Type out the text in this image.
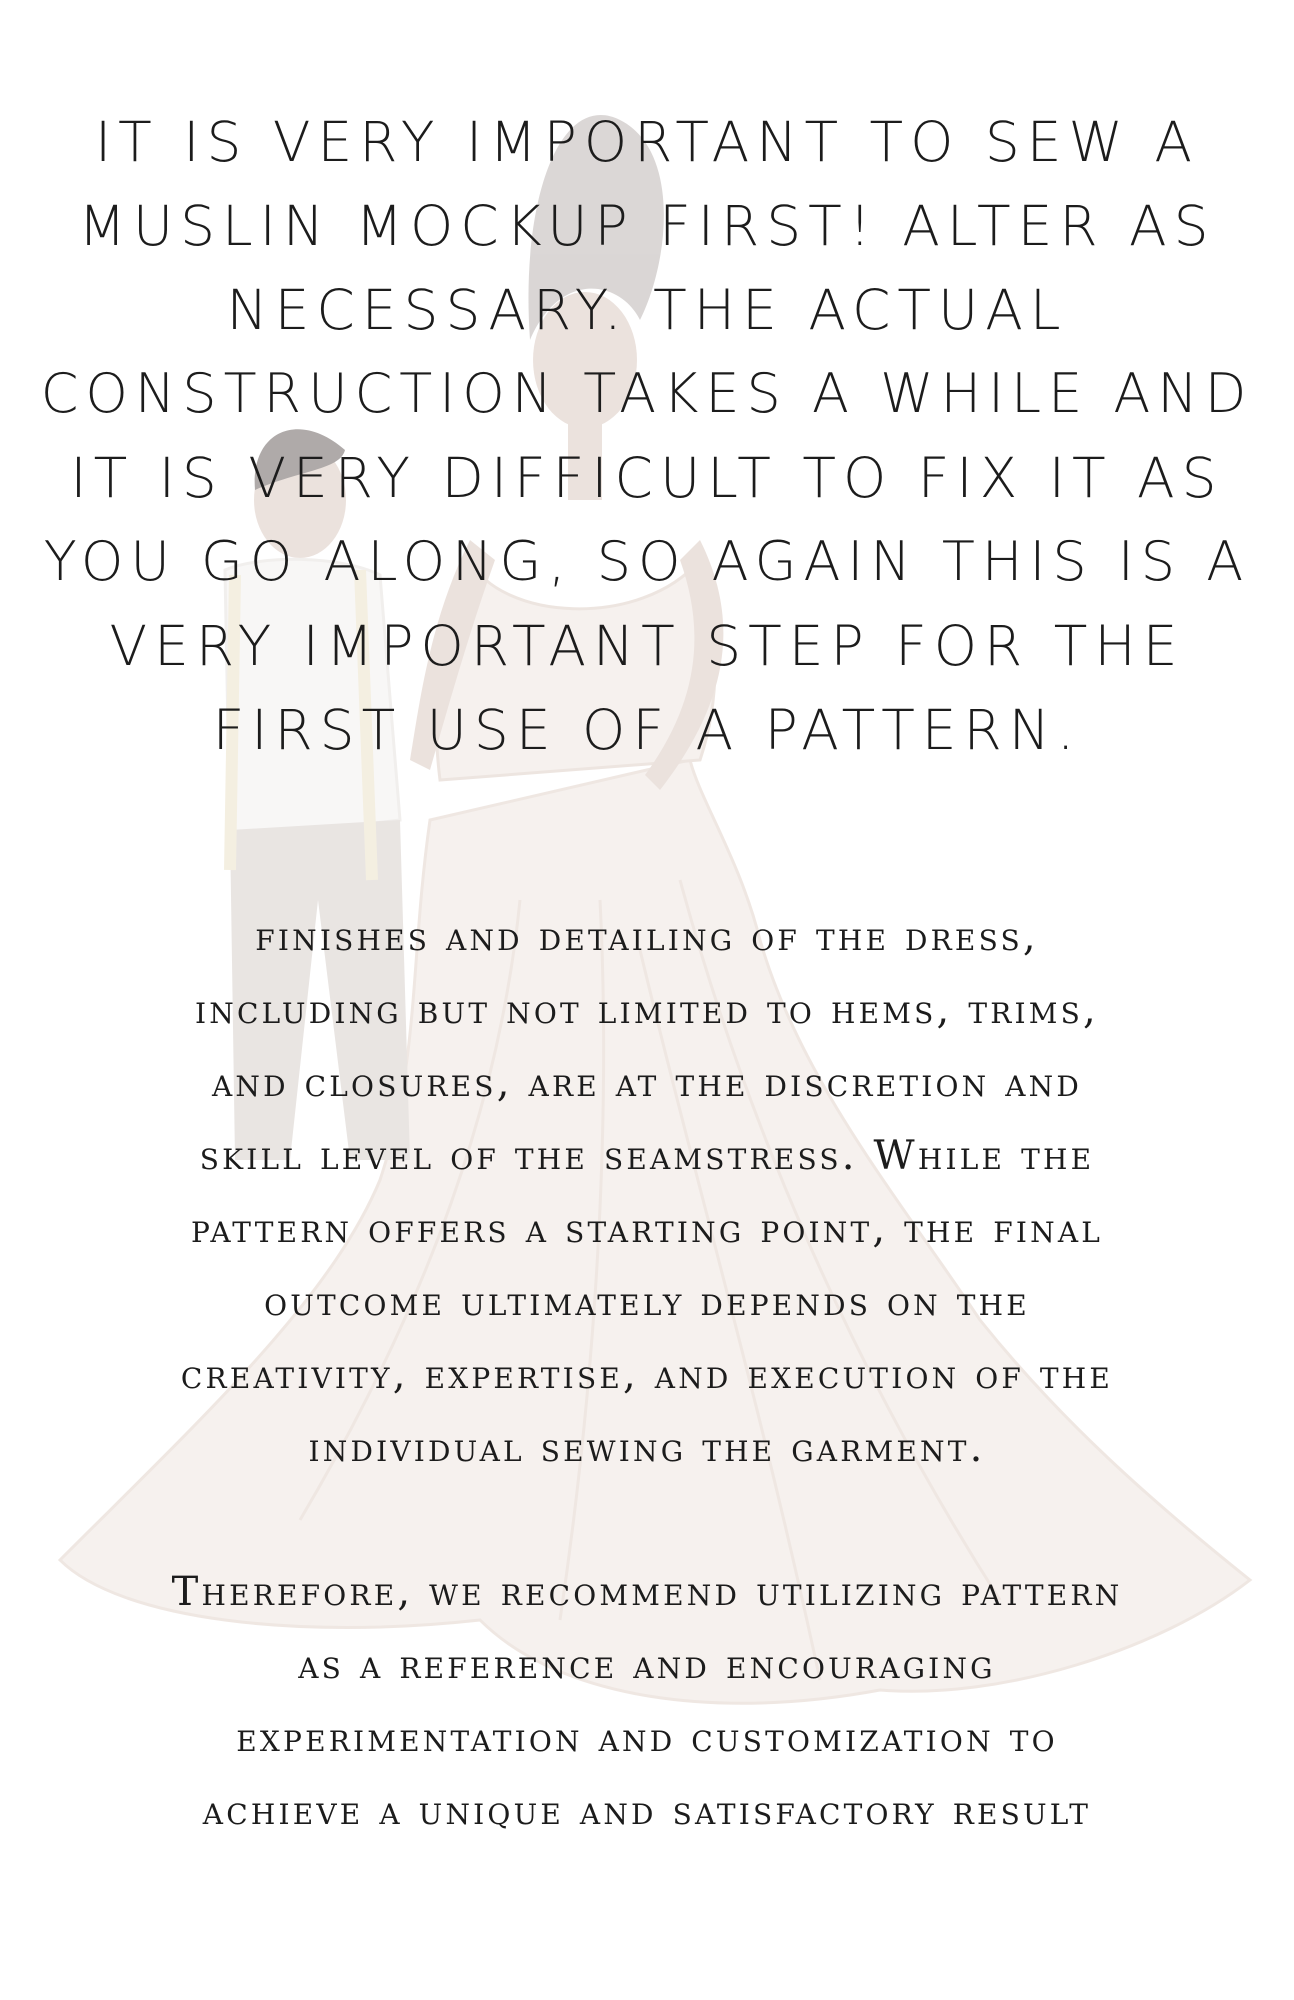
IT IS VERY IMPORTANT TO SEW A
MUSLIN MOCKUP FIRST! ALTER AS
NECESSARY. THE ACTUAL
CONSTRUCTION TAKES A WHILE AND
IT IS VERY DIFFICULT TO FIX IT AS
YOU GO ALONG, SO AGAIN THIS IS A
VERY IMPORTANT STEP FOR THE
FIRST USE OF A PATTERN.

finishes and detailing of the dress,
including but not limited to hems, trims,
and closures, are at the discretion and
skill level of the seamstress. While the
pattern offers a starting point, the final
outcome ultimately depends on the
creativity, expertise, and execution of the
individual sewing the garment.

Therefore, we recommend utilizing pattern
as a reference and encouraging
experimentation and customization to
achieve a unique and satisfactory result
